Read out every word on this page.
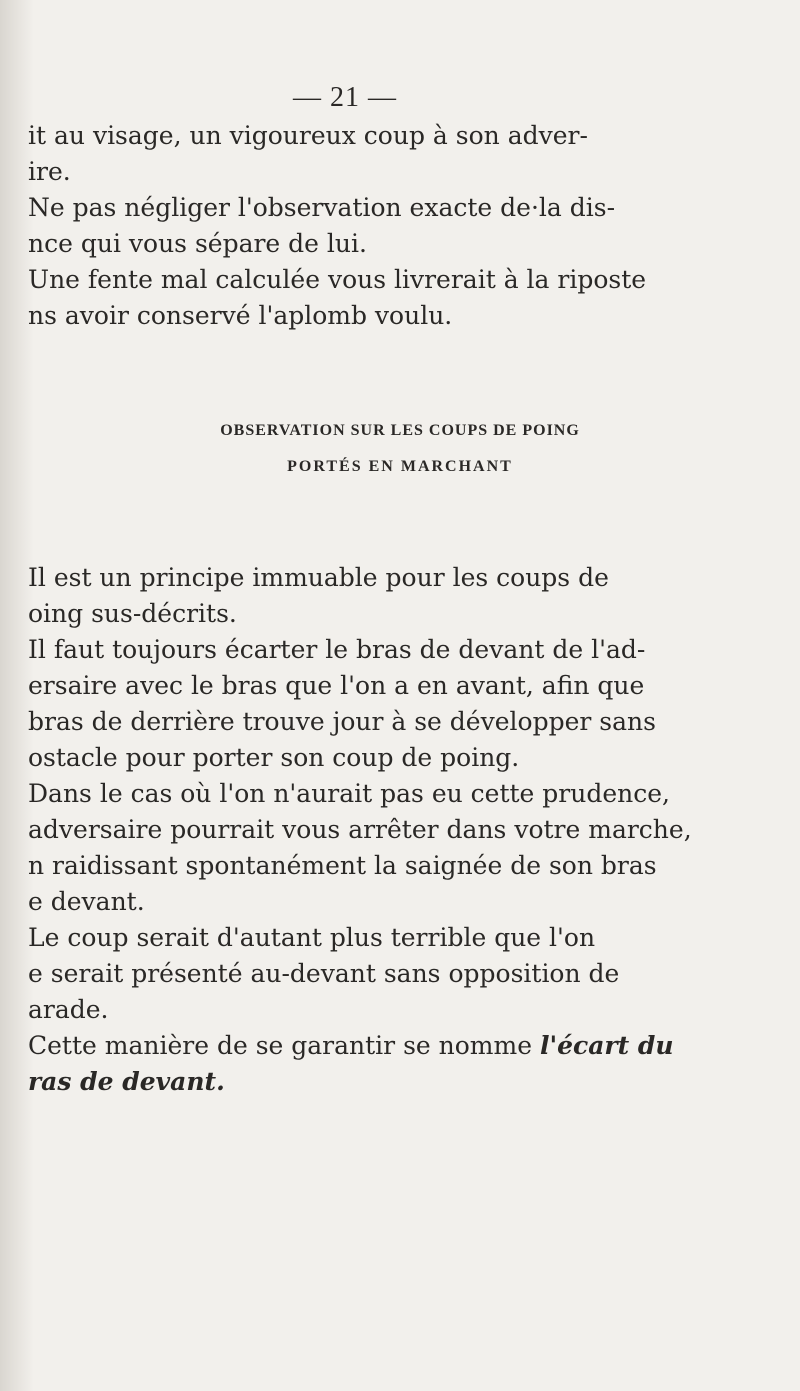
— 21 —

it au visage, un vigoureux coup à son adver-
ire.

Ne pas négliger l'observation exacte de·la dis-
nce qui vous sépare de lui.

Une fente mal calculée vous livrerait à la riposte
ns avoir conservé l'aplomb voulu.

OBSERVATION SUR LES COUPS DE POING
PORTÉS EN MARCHANT

Il est un principe immuable pour les coups de
oing sus-décrits.

Il faut toujours écarter le bras de devant de l'ad-
ersaire avec le bras que l'on a en avant, afin que
bras de derrière trouve jour à se développer sans
ostacle pour porter son coup de poing.

Dans le cas où l'on n'aurait pas eu cette prudence,
adversaire pourrait vous arrêter dans votre marche,
n raidissant spontanément la saignée de son bras
e devant.

Le coup serait d'autant plus terrible que l'on
e serait présenté au-devant sans opposition de
arade.

Cette manière de se garantir se nomme l'écart du
ras de devant.
